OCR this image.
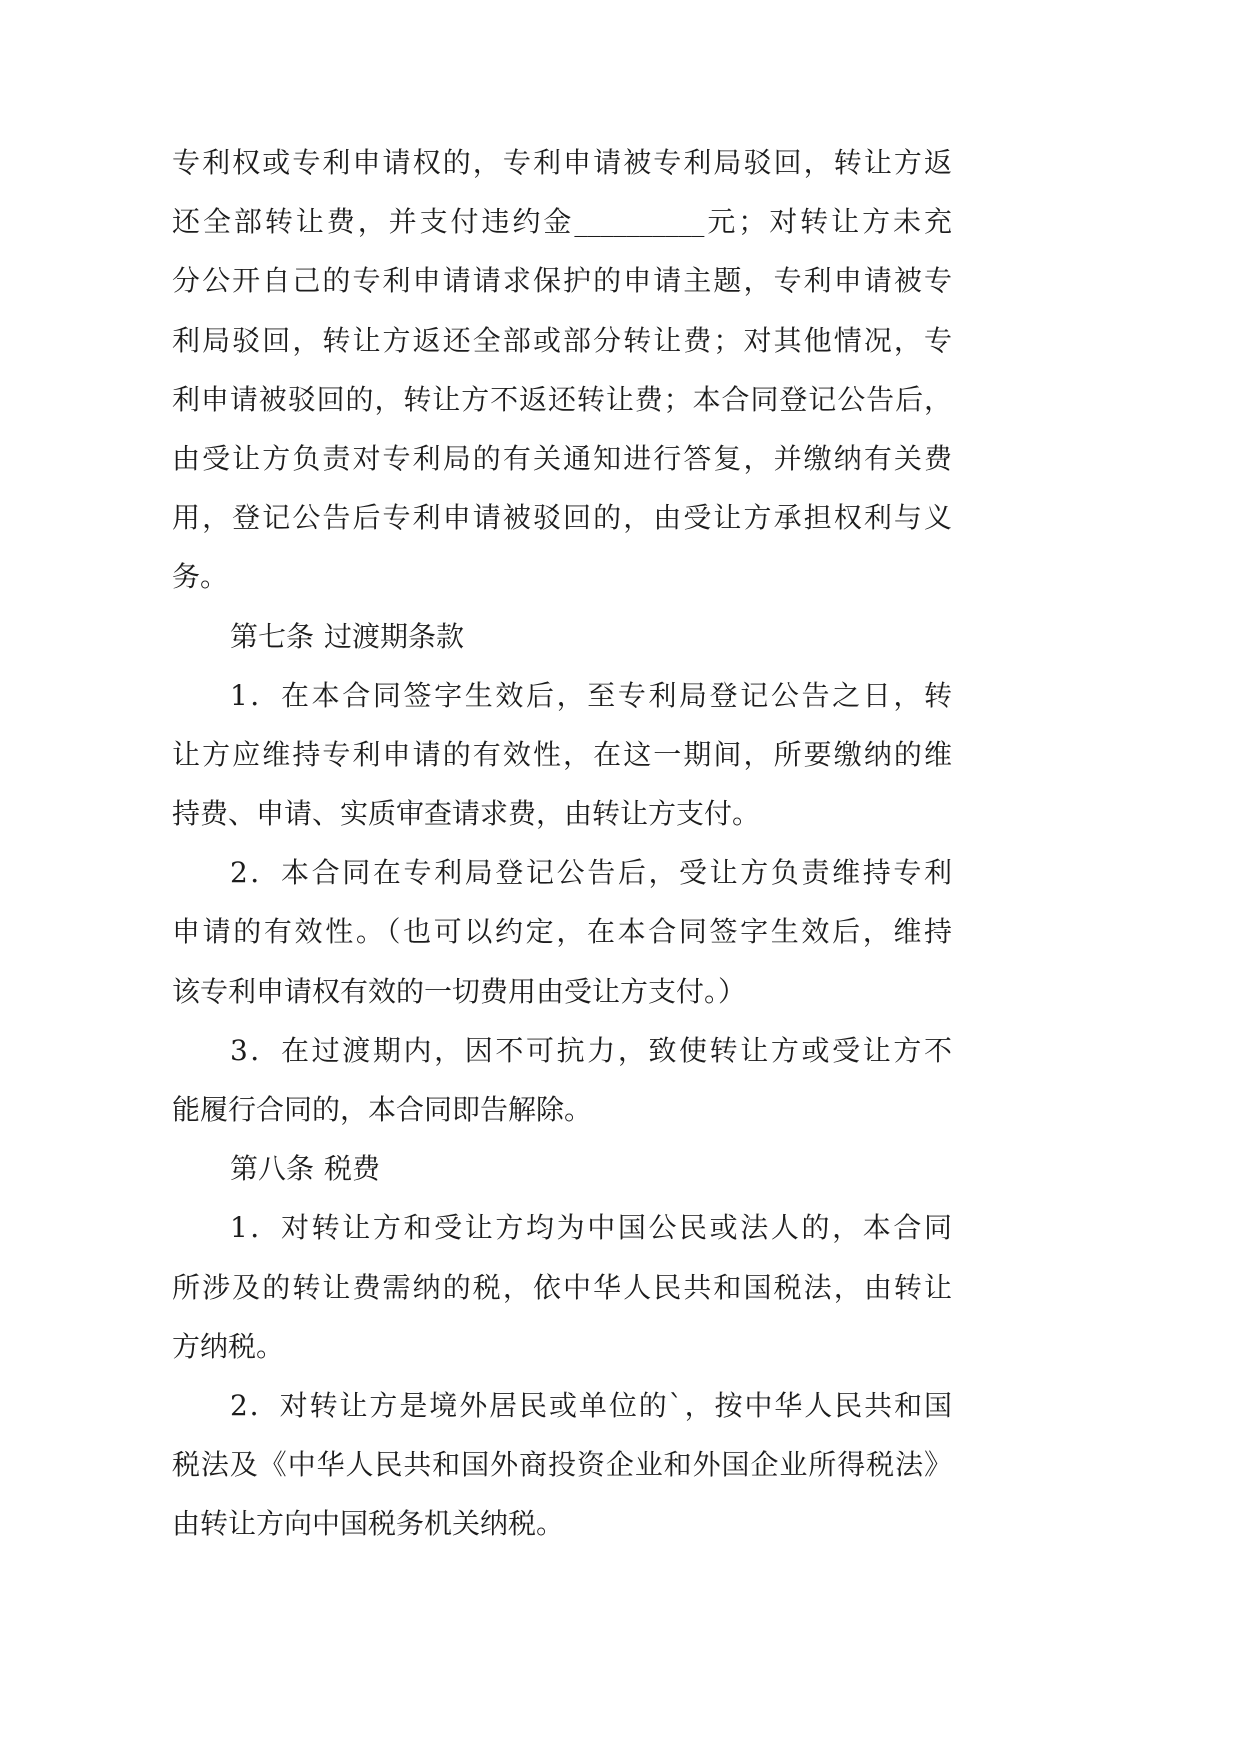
专利权或专利申请权的，专利申请被专利局驳回，转让方返
还全部转让费，并支付违约金__________元；对转让方未充
分公开自己的专利申请请求保护的申请主题，专利申请被专
利局驳回，转让方返还全部或部分转让费；对其他情况，专
利申请被驳回的，转让方不返还转让费；本合同登记公告后，
由受让方负责对专利局的有关通知进行答复，并缴纳有关费
用，登记公告后专利申请被驳回的，由受让方承担权利与义
务。
第七条 过渡期条款
1．在本合同签字生效后，至专利局登记公告之日，转
让方应维持专利申请的有效性，在这一期间，所要缴纳的维
持费、申请、实质审查请求费，由转让方支付。
2．本合同在专利局登记公告后，受让方负责维持专利
申请的有效性。（也可以约定，在本合同签字生效后，维持
该专利申请权有效的一切费用由受让方支付。）
3．在过渡期内，因不可抗力，致使转让方或受让方不
能履行合同的，本合同即告解除。
第八条 税费
1．对转让方和受让方均为中国公民或法人的，本合同
所涉及的转让费需纳的税，依中华人民共和国税法，由转让
方纳税。
2．对转让方是境外居民或单位的`，按中华人民共和国
税法及《中华人民共和国外商投资企业和外国企业所得税法》
由转让方向中国税务机关纳税。
